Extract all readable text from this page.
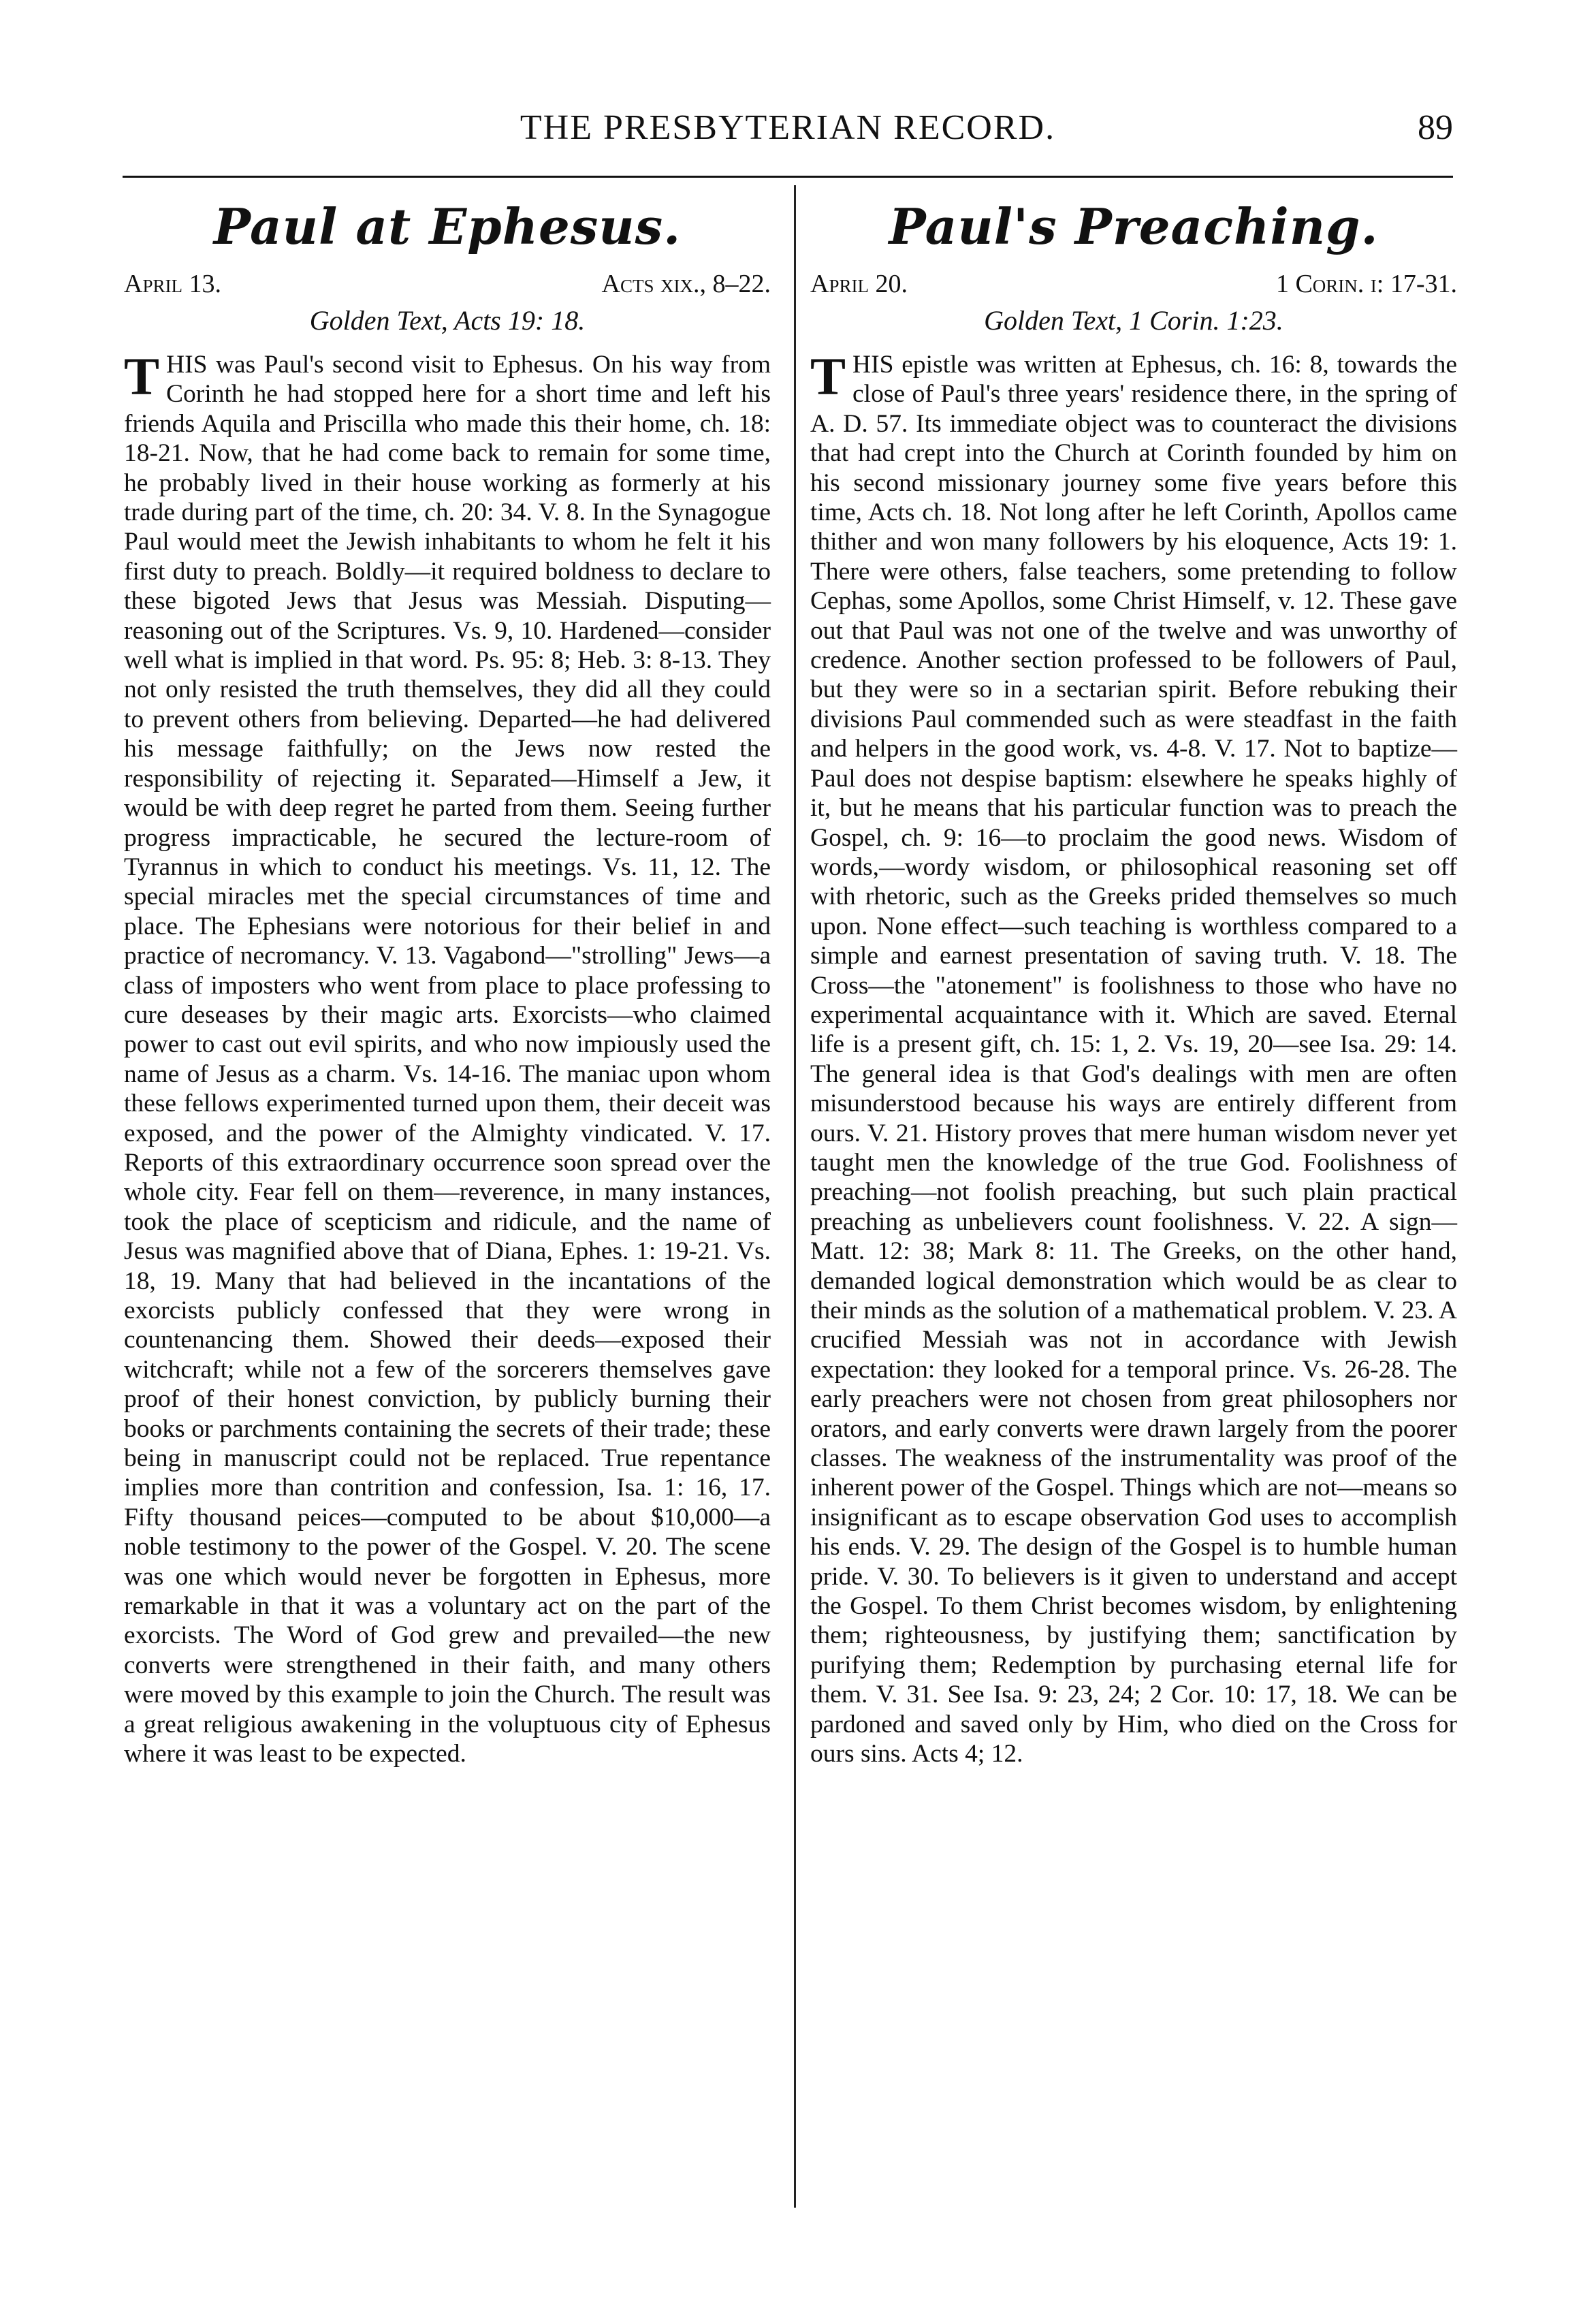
THE PRESBYTERIAN RECORD.	89
Paul at Ephesus.
April 13.	Acts xix., 8–22.
Golden Text, Acts 19: 18.

THIS was Paul's second visit to Ephesus. On his way from Corinth he had stopped here for a short time and left his friends Aquila and Priscilla who made this their home, ch. 18: 18-21. Now, that he had come back to remain for some time, he probably lived in their house working as formerly at his trade during part of the time, ch. 20: 34. V. 8. In the Synagogue Paul would meet the Jewish inhabitants to whom he felt it his first duty to preach. Boldly—it required boldness to declare to these bigoted Jews that Jesus was Messiah. Disputing—reasoning out of the Scriptures. Vs. 9, 10. Hardened—consider well what is implied in that word. Ps. 95: 8; Heb. 3: 8-13. They not only resisted the truth themselves, they did all they could to prevent others from believing. Departed—he had delivered his message faithfully; on the Jews now rested the responsibility of rejecting it. Separated—Himself a Jew, it would be with deep regret he parted from them. Seeing further progress impracticable, he secured the lecture-room of Tyrannus in which to conduct his meetings. Vs. 11, 12. The special miracles met the special circumstances of time and place. The Ephesians were notorious for their belief in and practice of necromancy. V. 13. Vagabond—"strolling" Jews—a class of imposters who went from place to place professing to cure deseases by their magic arts. Exorcists—who claimed power to cast out evil spirits, and who now impiously used the name of Jesus as a charm. Vs. 14-16. The maniac upon whom these fellows experimented turned upon them, their deceit was exposed, and the power of the Almighty vindicated. V. 17. Reports of this extraordinary occurrence soon spread over the whole city. Fear fell on them—reverence, in many instances, took the place of scepticism and ridicule, and the name of Jesus was magnified above that of Diana, Ephes. 1: 19-21. Vs. 18, 19. Many that had believed in the incantations of the exorcists publicly confessed that they were wrong in countenancing them. Showed their deeds—exposed their witchcraft; while not a few of the sorcerers themselves gave proof of their honest conviction, by publicly burning their books or parchments containing the secrets of their trade; these being in manuscript could not be replaced. True repentance implies more than contrition and confession, Isa. 1: 16, 17. Fifty thousand peices—computed to be about $10,000—a noble testimony to the power of the Gospel. V. 20. The scene was one which would never be forgotten in Ephesus, more remarkable in that it was a voluntary act on the part of the exorcists. The Word of God grew and prevailed—the new converts were strengthened in their faith, and many others were moved by this example to join the Church. The result was a great religious awakening in the voluptuous city of Ephesus where it was least to be expected.

Paul's Preaching.
April 20.	1 Corin. i: 17-31.
Golden Text, 1 Corin. 1:23.

THIS epistle was written at Ephesus, ch. 16: 8, towards the close of Paul's three years' residence there, in the spring of A. D. 57. Its immediate object was to counteract the divisions that had crept into the Church at Corinth founded by him on his second missionary journey some five years before this time, Acts ch. 18. Not long after he left Corinth, Apollos came thither and won many followers by his eloquence, Acts 19: 1. There were others, false teachers, some pretending to follow Cephas, some Apollos, some Christ Himself, v. 12. These gave out that Paul was not one of the twelve and was unworthy of credence. Another section professed to be followers of Paul, but they were so in a sectarian spirit. Before rebuking their divisions Paul commended such as were steadfast in the faith and helpers in the good work, vs. 4-8. V. 17. Not to baptize—Paul does not despise baptism: elsewhere he speaks highly of it, but he means that his particular function was to preach the Gospel, ch. 9: 16—to proclaim the good news. Wisdom of words,—wordy wisdom, or philosophical reasoning set off with rhetoric, such as the Greeks prided themselves so much upon. None effect—such teaching is worthless compared to a simple and earnest presentation of saving truth. V. 18. The Cross—the "atonement" is foolishness to those who have no experimental acquaintance with it. Which are saved. Eternal life is a present gift, ch. 15: 1, 2. Vs. 19, 20—see Isa. 29: 14. The general idea is that God's dealings with men are often misunderstood because his ways are entirely different from ours. V. 21. History proves that mere human wisdom never yet taught men the knowledge of the true God. Foolishness of preaching—not foolish preaching, but such plain practical preaching as unbelievers count foolishness. V. 22. A sign—Matt. 12: 38; Mark 8: 11. The Greeks, on the other hand, demanded logical demonstration which would be as clear to their minds as the solution of a mathematical problem. V. 23. A crucified Messiah was not in accordance with Jewish expectation: they looked for a temporal prince. Vs. 26-28. The early preachers were not chosen from great philosophers nor orators, and early converts were drawn largely from the poorer classes. The weakness of the instrumentality was proof of the inherent power of the Gospel. Things which are not—means so insignificant as to escape observation God uses to accomplish his ends. V. 29. The design of the Gospel is to humble human pride. V. 30. To believers is it given to understand and accept the Gospel. To them Christ becomes wisdom, by enlightening them; righteousness, by justifying them; sanctification by purifying them; Redemption by purchasing eternal life for them. V. 31. See Isa. 9: 23, 24; 2 Cor. 10: 17, 18. We can be pardoned and saved only by Him, who died on the Cross for ours sins. Acts 4; 12.
